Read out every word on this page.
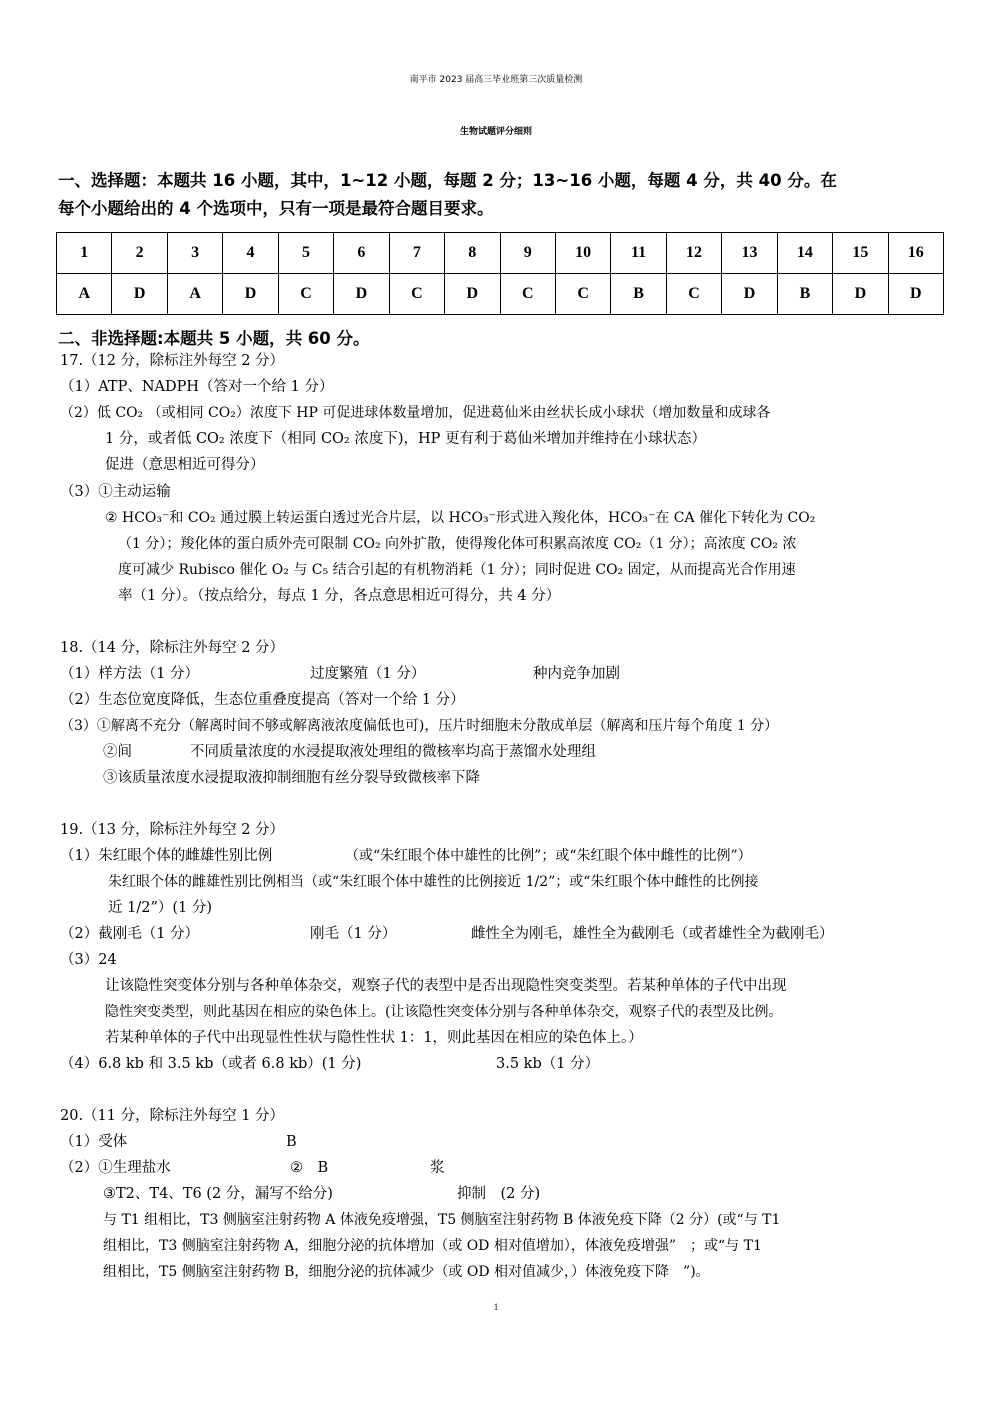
南平市 2023 届高三毕业班第三次质量检测
生物试题评分细则
一、选择题：本题共 16 小题，其中，1~12 小题，每题 2 分；13~16 小题，每题 4 分，共 40 分。在
每个小题给出的 4 个选项中，只有一项是最符合题目要求。
1	2	3	4	5	6	7	8	9	10	11	12	13	14	15	16
A	D	A	D	C	D	C	D	C	C	B	C	D	B	D	D
二、非选择题:本题共 5 小题，共 60 分。
17.（12 分，除标注外每空 2 分）
（1）ATP、NADPH（答对一个给 1 分）
（2）低 CO₂ （或相同 CO₂）浓度下 HP 可促进球体数量增加，促进葛仙米由丝状长成小球状（增加数量和成球各
1 分，或者低 CO₂ 浓度下（相同 CO₂ 浓度下)，HP 更有利于葛仙米增加并维持在小球状态）
促进（意思相近可得分）
（3）①主动运输
② HCO₃⁻和 CO₂ 通过膜上转运蛋白透过光合片层，以 HCO₃⁻形式进入羧化体，HCO₃⁻在 CA 催化下转化为 CO₂
（1 分）；羧化体的蛋白质外壳可限制 CO₂ 向外扩散，使得羧化体可积累高浓度 CO₂（1 分）；高浓度 CO₂ 浓
度可减少 Rubisco 催化 O₂ 与 C₅ 结合引起的有机物消耗（1 分）；同时促进 CO₂ 固定，从而提高光合作用速
率（1 分）。（按点给分，每点 1 分，各点意思相近可得分，共 4 分）
18.（14 分，除标注外每空 2 分）
（1）样方法（1 分）	过度繁殖（1 分）	种内竞争加剧
（2）生态位宽度降低，生态位重叠度提高（答对一个给 1 分）
（3）①解离不充分（解离时间不够或解离液浓度偏低也可)，压片时细胞未分散成单层（解离和压片每个角度 1 分）
②间	不同质量浓度的水浸提取液处理组的微核率均高于蒸馏水处理组
③该质量浓度水浸提取液抑制细胞有丝分裂导致微核率下降
19.（13 分，除标注外每空 2 分）
（1）朱红眼个体的雌雄性别比例	（或“朱红眼个体中雄性的比例”；或“朱红眼个体中雌性的比例”）
朱红眼个体的雌雄性别比例相当（或“朱红眼个体中雄性的比例接近 1/2”；或“朱红眼个体中雌性的比例接
近 1/2”）(1 分)
（2）截刚毛（1 分）	刚毛（1 分）	雌性全为刚毛，雄性全为截刚毛（或者雄性全为截刚毛）
（3）24
让该隐性突变体分别与各种单体杂交，观察子代的表型中是否出现隐性突变类型。若某种单体的子代中出现
隐性突变类型，则此基因在相应的染色体上。(让该隐性突变体分别与各种单体杂交，观察子代的表型及比例。
若某种单体的子代中出现显性性状与隐性性状 1：1，则此基因在相应的染色体上。）
（4）6.8 kb 和 3.5 kb（或者 6.8 kb）(1 分)	3.5 kb（1 分）
20.（11 分，除标注外每空 1 分）
（1）受体	B
（2）①生理盐水	②　B	浆
③T2、T4、T6 (2 分，漏写不给分)	抑制　(2 分)
与 T1 组相比，T3 侧脑室注射药物 A 体液免疫增强，T5 侧脑室注射药物 B 体液免疫下降（2 分）(或“与 T1
组相比，T3 侧脑室注射药物 A，细胞分泌的抗体增加（或 OD 相对值增加），体液免疫增强”　；或“与 T1
组相比，T5 侧脑室注射药物 B，细胞分泌的抗体减少（或 OD 相对值减少，）体液免疫下降　”)。
1
